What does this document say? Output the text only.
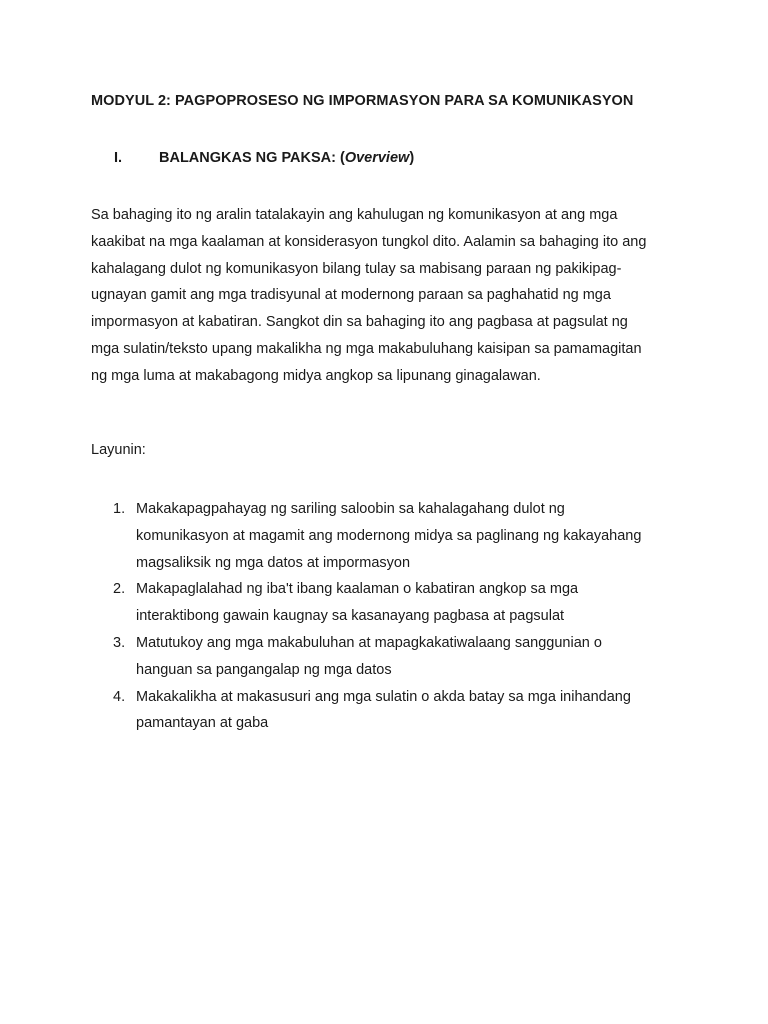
MODYUL 2: PAGPOPROSESO NG IMPORMASYON PARA SA KOMUNIKASYON
I.	BALANGKAS NG PAKSA: (Overview)

Sa bahaging ito ng aralin tatalakayin ang kahulugan ng komunikasyon at ang mga
kaakibat na mga kaalaman at konsiderasyon tungkol dito. Aalamin sa bahaging ito ang
kahalagang dulot ng komunikasyon bilang tulay sa mabisang paraan ng pakikipag-
ugnayan gamit ang mga tradisyunal at modernong paraan sa paghahatid ng mga
impormasyon at kabatiran. Sangkot din sa bahaging ito ang pagbasa at pagsulat ng
mga sulatin/teksto upang makalikha ng mga makabuluhang kaisipan sa pamamagitan
ng mga luma at makabagong midya angkop sa lipunang ginagalawan.

Layunin:

1. Makakapagpahayag ng sariling saloobin sa kahalagahang dulot ng
komunikasyon at magamit ang modernong midya sa paglinang ng kakayahang
magsaliksik ng mga datos at impormasyon
2. Makapaglalahad ng iba't ibang kaalaman o kabatiran angkop sa mga
interaktibong gawain kaugnay sa kasanayang pagbasa at pagsulat
3. Matutukoy ang mga makabuluhan at mapagkakatiwalaang sanggunian o
hanguan sa pangangalap ng mga datos
4. Makakalikha at makasusuri ang mga sulatin o akda batay sa mga inihandang
pamantayan at gaba
